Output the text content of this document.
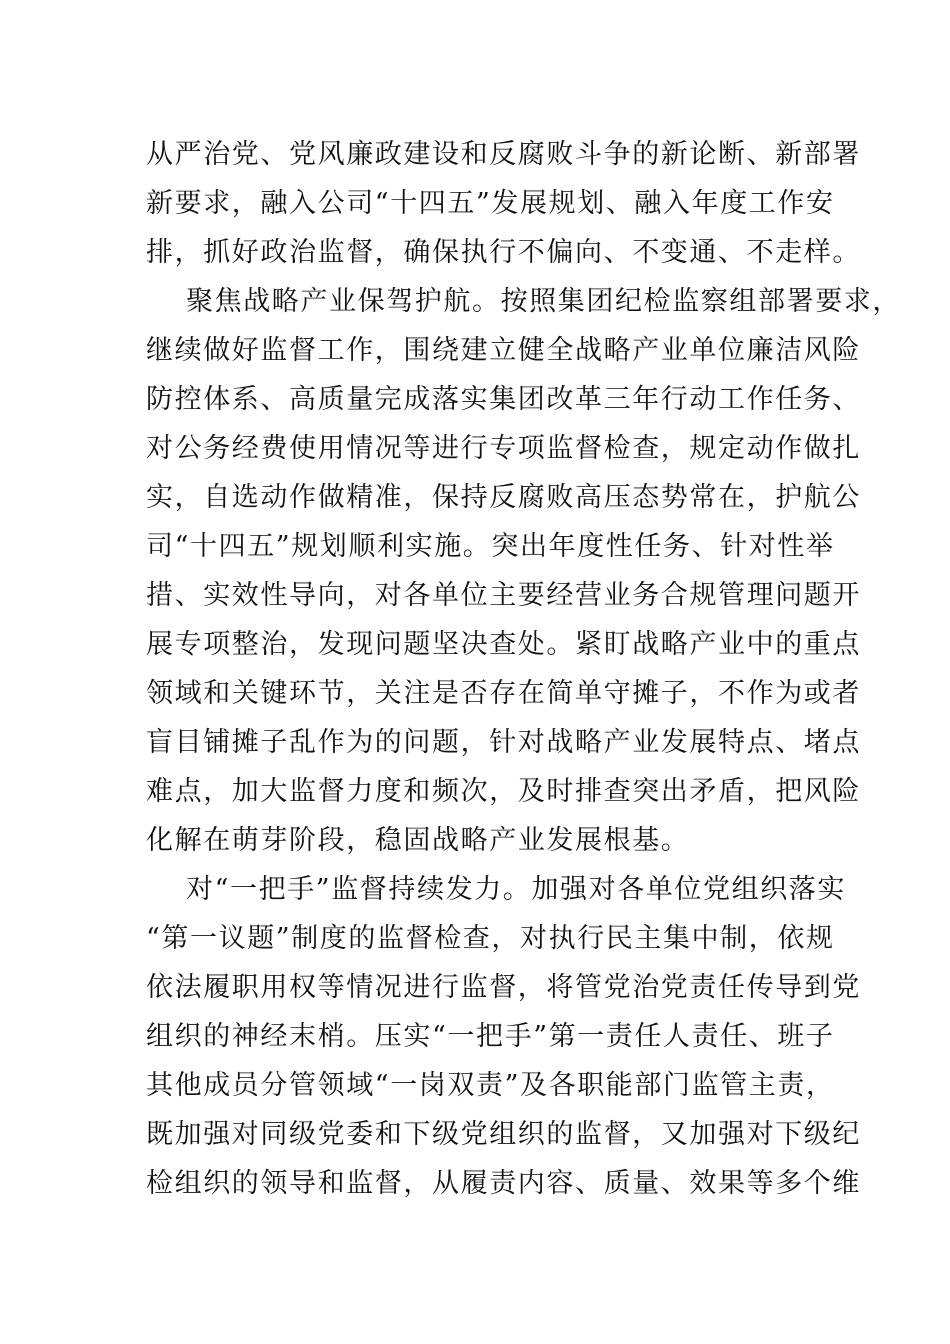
从严治党、党风廉政建设和反腐败斗争的新论断、新部署
新要求，融入公司“十四五”发展规划、融入年度工作安
排，抓好政治监督，确保执行不偏向、不变通、不走样。
聚焦战略产业保驾护航。按照集团纪检监察组部署要求，
继续做好监督工作，围绕建立健全战略产业单位廉洁风险
防控体系、高质量完成落实集团改革三年行动工作任务、
对公务经费使用情况等进行专项监督检查，规定动作做扎
实，自选动作做精准，保持反腐败高压态势常在，护航公
司“十四五”规划顺利实施。突出年度性任务、针对性举
措、实效性导向，对各单位主要经营业务合规管理问题开
展专项整治，发现问题坚决查处。紧盯战略产业中的重点
领域和关键环节，关注是否存在简单守摊子，不作为或者
盲目铺摊子乱作为的问题，针对战略产业发展特点、堵点
难点，加大监督力度和频次，及时排查突出矛盾，把风险
化解在萌芽阶段，稳固战略产业发展根基。
对“一把手”监督持续发力。加强对各单位党组织落实
“第一议题”制度的监督检查，对执行民主集中制，依规
依法履职用权等情况进行监督，将管党治党责任传导到党
组织的神经末梢。压实“一把手”第一责任人责任、班子
其他成员分管领域“一岗双责”及各职能部门监管主责，
既加强对同级党委和下级党组织的监督，又加强对下级纪
检组织的领导和监督，从履责内容、质量、效果等多个维
